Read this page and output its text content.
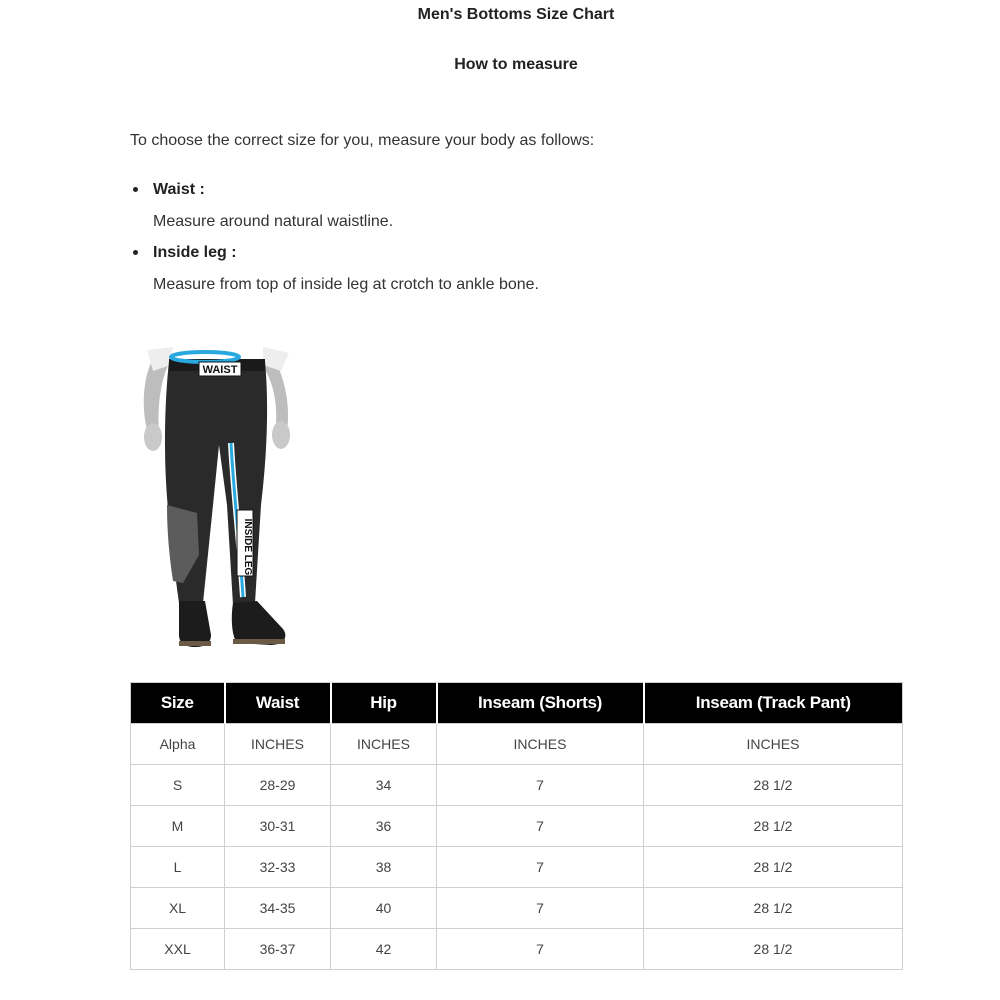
Men's Bottoms Size Chart
How to measure

To choose the correct size for you, measure your body as follows:

Waist :
Measure around natural waistline.
Inside leg :
Measure from top of inside leg at crotch to ankle bone.
WAIST
INSIDE LEG
Size	Waist	Hip	Inseam (Shorts)	Inseam (Track Pant)
Alpha	INCHES	INCHES	INCHES	INCHES
S	28-29	34	7	28 1/2
M	30-31	36	7	28 1/2
L	32-33	38	7	28 1/2
XL	34-35	40	7	28 1/2
XXL	36-37	42	7	28 1/2
